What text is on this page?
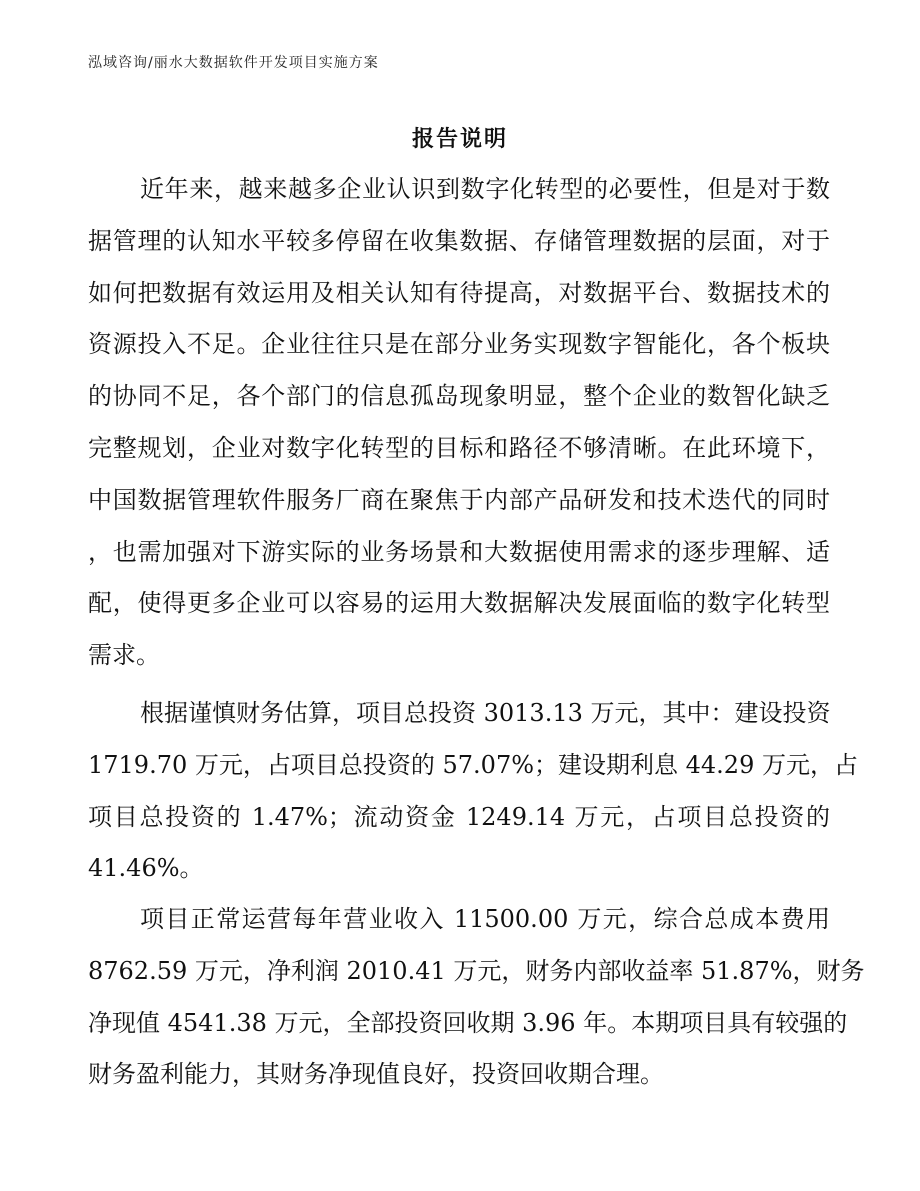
泓域咨询/丽水大数据软件开发项目实施方案
报告说明
近年来，越来越多企业认识到数字化转型的必要性，但是对于数
据管理的认知水平较多停留在收集数据、存储管理数据的层面，对于
如何把数据有效运用及相关认知有待提高，对数据平台、数据技术的
资源投入不足。企业往往只是在部分业务实现数字智能化，各个板块
的协同不足，各个部门的信息孤岛现象明显，整个企业的数智化缺乏
完整规划，企业对数字化转型的目标和路径不够清晰。在此环境下，
中国数据管理软件服务厂商在聚焦于内部产品研发和技术迭代的同时
，也需加强对下游实际的业务场景和大数据使用需求的逐步理解、适
配，使得更多企业可以容易的运用大数据解决发展面临的数字化转型
需求。
根据谨慎财务估算，项目总投资 3013.13 万元，其中：建设投资
1719.70 万元，占项目总投资的 57.07%；建设期利息 44.29 万元，占
项目总投资的 1.47%；流动资金 1249.14 万元，占项目总投资的
41.46%。
项目正常运营每年营业收入 11500.00 万元，综合总成本费用
8762.59 万元，净利润 2010.41 万元，财务内部收益率 51.87%，财务
净现值 4541.38 万元，全部投资回收期 3.96 年。本期项目具有较强的
财务盈利能力，其财务净现值良好，投资回收期合理。
